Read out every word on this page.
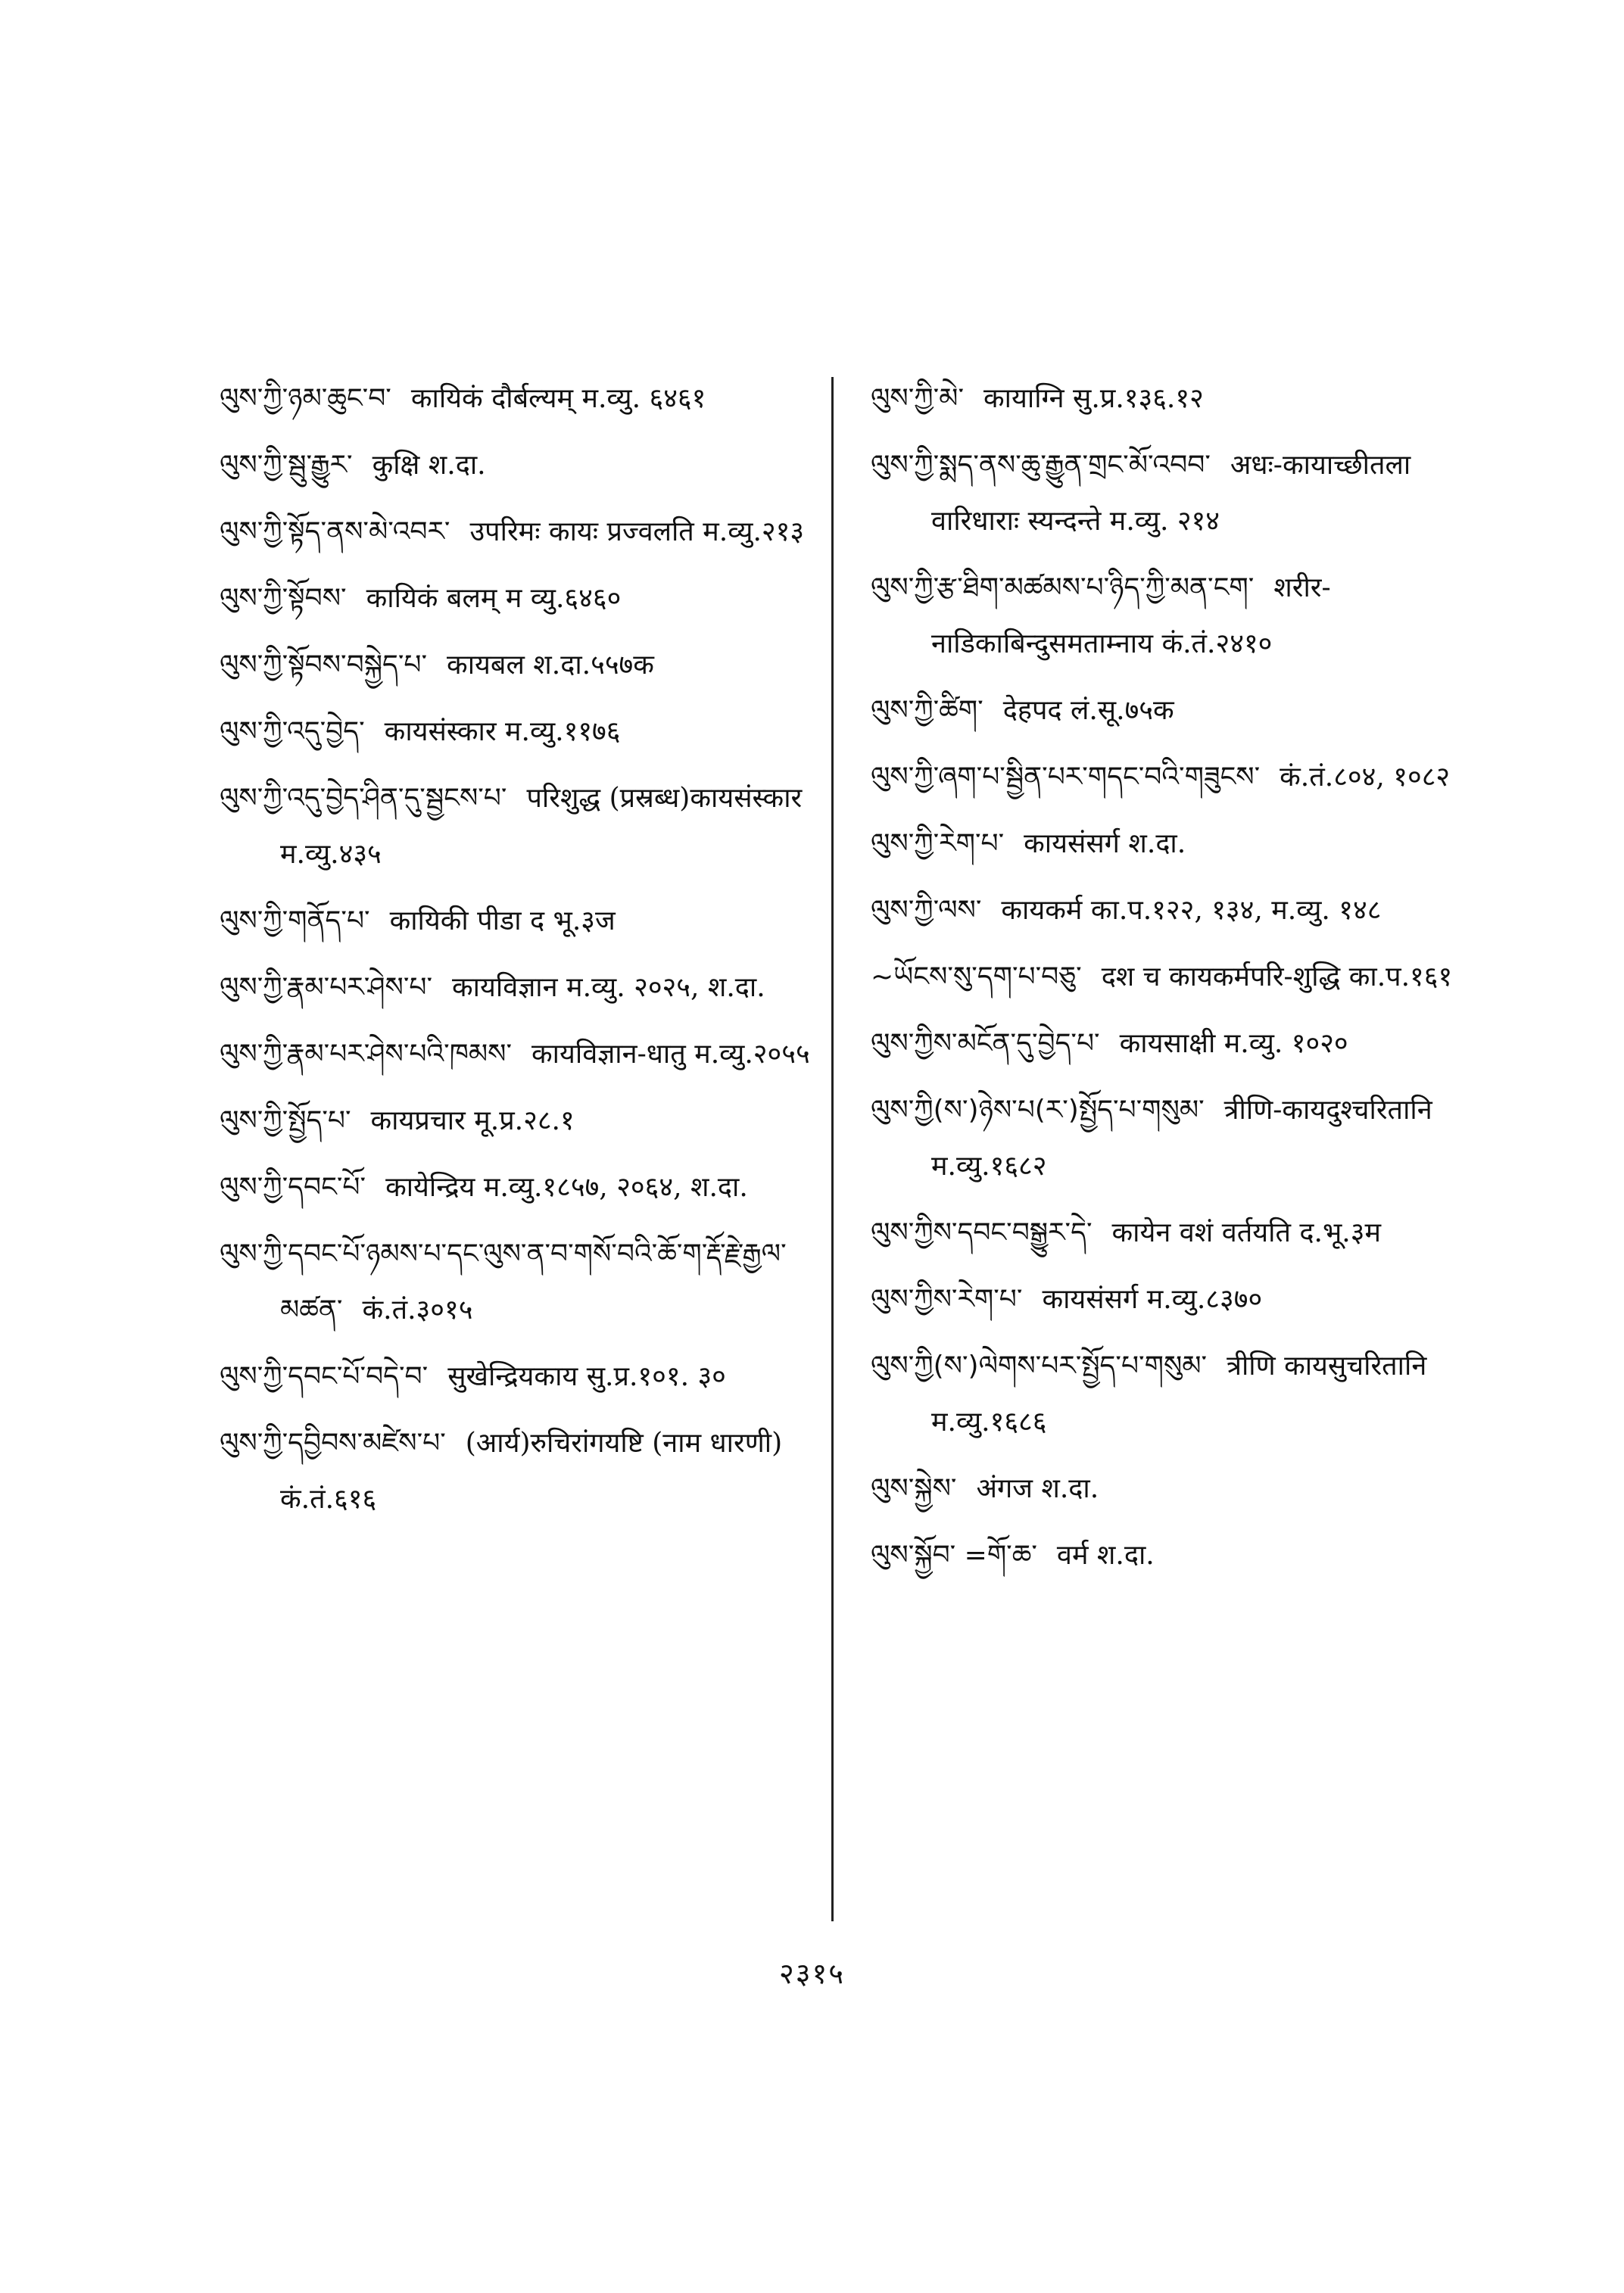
ལུས་ཀྱི་ཉམ་ཆུང་བ་ कायिकं दौर्बल्यम् म.व्यु. ६४६१
ལུས་ཀྱི་སྦུ་རྒྱུར་ कुक्षि श.दा.
ལུས་ཀྱི་སྟོད་ནས་མེ་འབར་ उपरिमः कायः प्रज्वलति म.व्यु.२१३
ལུས་ཀྱི་སྟོབས་ कायिकं बलम् म व्यु.६४६०
ལུས་ཀྱི་སྟོབས་བསྐྱེད་པ་ कायबल श.दा.५५७क
ལུས་ཀྱི་འདུ་བྱེད་ कायसंस्कार म.व्यु.११७६
ལུས་ཀྱི་འདུ་བྱེད་ཤིན་དུ་སྦྱངས་པ་ परिशुद्ध (प्रस्रब्ध)कायसंस्कार म.व्यु.४३५
ལུས་ཀྱི་གནོད་པ་ कायिकी पीडा द भू.३ज
ལུས་ཀྱི་རྣམ་པར་ཤེས་པ་ कायविज्ञान म.व्यु. २०२५, श.दा.
ལུས་ཀྱི་རྣམ་པར་ཤེས་པའི་ཁམས་ कायविज्ञान-धातु म.व्यु.२०५५
ལུས་ཀྱི་སྤྱོད་པ་ कायप्रचार मू.प्र.२८.१
ལུས་ཀྱི་དབང་པོ་ कायेन्द्रिय म.व्यु.१८५७, २०६४, श.दा.
ལུས་ཀྱི་དབང་པོ་ཉམས་པ་དང་ལུས་ན་བ་གསོ་བའི་ཆོ་ག་རྡོ་རྗེ་རྒྱལ་མཚན་ कं.तं.३०१५
ལུས་ཀྱི་དབང་པོ་བདེ་བ་ सुखेन्द्रियकाय सु.प्र.१०१. ३०
ལུས་ཀྱི་དབྱིབས་མཛེས་པ་ (आर्य)रुचिरांगयष्टि (नाम धारणी) कं.तं.६१६
ལུས་ཀྱི་མེ་ कायाग्नि सु.प्र.१३६.१२
ལུས་ཀྱི་སྨད་ནས་ཆུ་རྒྱུན་གྲང་མོ་འབབ་ अधः-कायाच्छीतला वारिधाराः स्यन्दन्ते म.व्यु. २१४
ལུས་ཀྱི་རྩ་ཐིག་མཚམས་པ་ཉིད་ཀྱི་མན་ངག་ शरीर-नाडिकाबिन्दुसमताम्नाय कं.तं.२४१०
ལུས་ཀྱི་ཚིག་ देहपद लं.सू.७५क
ལུས་ཀྱི་ཞག་པ་སྦྱིན་པར་གདང་བའི་གཟུངས་ कं.तं.८०४, १०८२
ལུས་ཀྱི་རེག་པ་ कायसंसर्ग श.दा.
ལུས་ཀྱི་ལས་ कायकर्म का.प.१२२, १३४, म.व्यु. १४८
~ཡོངས་སུ་དག་པ་བཅུ་ दश च कायकर्मपरि-शुद्धि का.प.१६१
ལུས་ཀྱིས་མངོན་དུ་བྱེད་པ་ कायसाक्षी म.व्यु. १०२०
ལུས་ཀྱི(ས་)ཉེས་པ(ར་)སྤྱོད་པ་གསུམ་ त्रीणि-कायदुश्चरितानि म.व्यु.१६८२
ལུས་ཀྱིས་དབང་བསྒྱུར་དེ་ कायेन वशं वर्तयति द.भू.३म
ལུས་ཀྱིས་རེག་པ་ कायसंसर्ग म.व्यु.८३७०
ལུས་ཀྱི(ས་)ལེགས་པར་སྤྱོད་པ་གསུམ་ त्रीणि कायसुचरितानि म.व्यु.१६८६
ལུས་སྐྱེས་ अंगज श.दा.
ལུས་སྐྱོབ་ =གོ་ཆ་ वर्म श.दा.
२३१५
